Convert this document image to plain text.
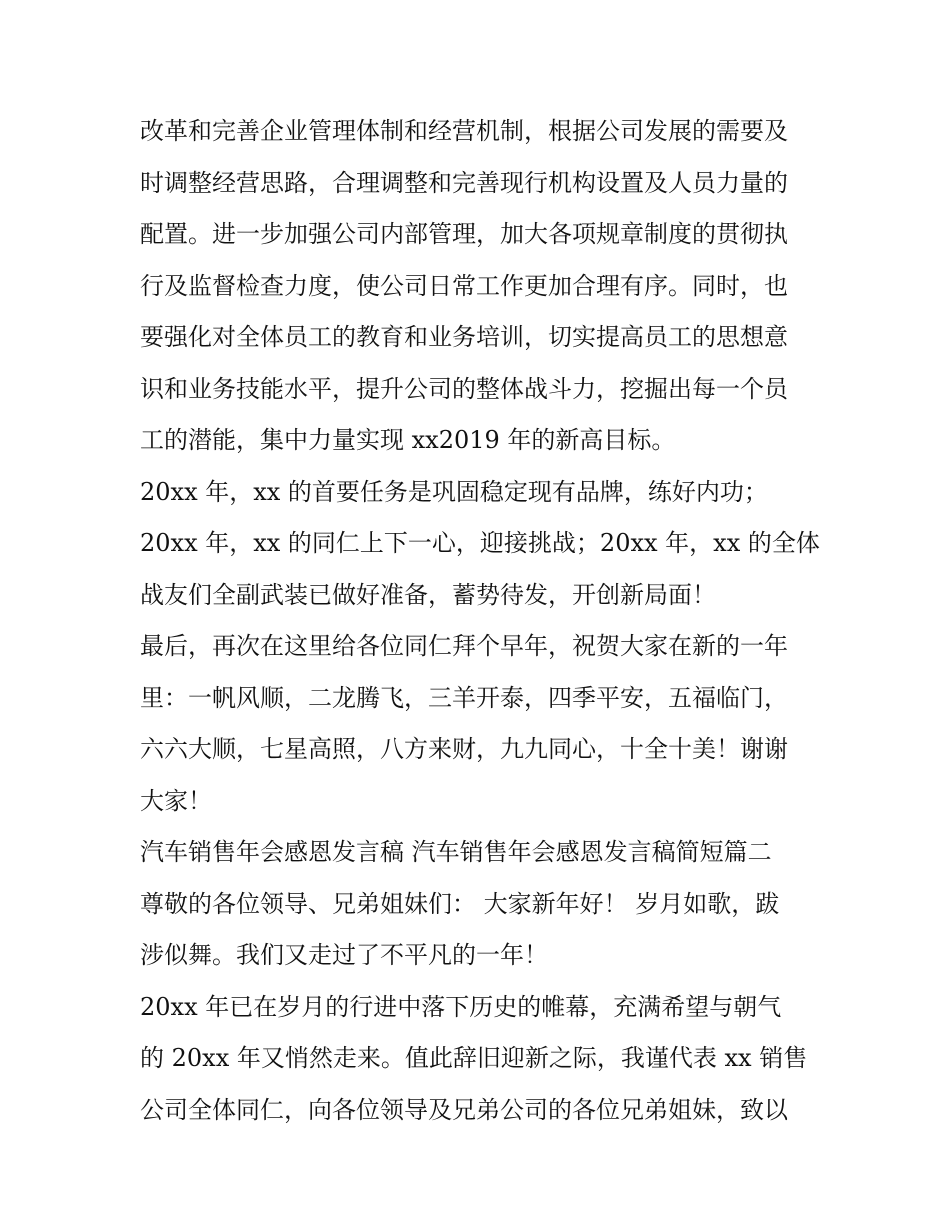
改革和完善企业管理体制和经营机制，根据公司发展的需要及
时调整经营思路，合理调整和完善现行机构设置及人员力量的
配置。进一步加强公司内部管理，加大各项规章制度的贯彻执
行及监督检查力度，使公司日常工作更加合理有序。同时，也
要强化对全体员工的教育和业务培训，切实提高员工的思想意
识和业务技能水平，提升公司的整体战斗力，挖掘出每一个员
工的潜能，集中力量实现 xx2019 年的新高目标。
20xx 年，xx 的首要任务是巩固稳定现有品牌，练好内功；
20xx 年，xx 的同仁上下一心，迎接挑战；20xx 年，xx 的全体
战友们全副武装已做好准备，蓄势待发，开创新局面！
最后，再次在这里给各位同仁拜个早年，祝贺大家在新的一年
里：一帆风顺，二龙腾飞，三羊开泰，四季平安，五福临门，
六六大顺，七星高照，八方来财，九九同心，十全十美！谢谢
大家！
汽车销售年会感恩发言稿 汽车销售年会感恩发言稿简短篇二
尊敬的各位领导、兄弟姐妹们： 大家新年好！ 岁月如歌，跋
涉似舞。我们又走过了不平凡的一年！
20xx 年已在岁月的行进中落下历史的帷幕，充满希望与朝气
的 20xx 年又悄然走来。值此辞旧迎新之际，我谨代表 xx 销售
公司全体同仁，向各位领导及兄弟公司的各位兄弟姐妹，致以
